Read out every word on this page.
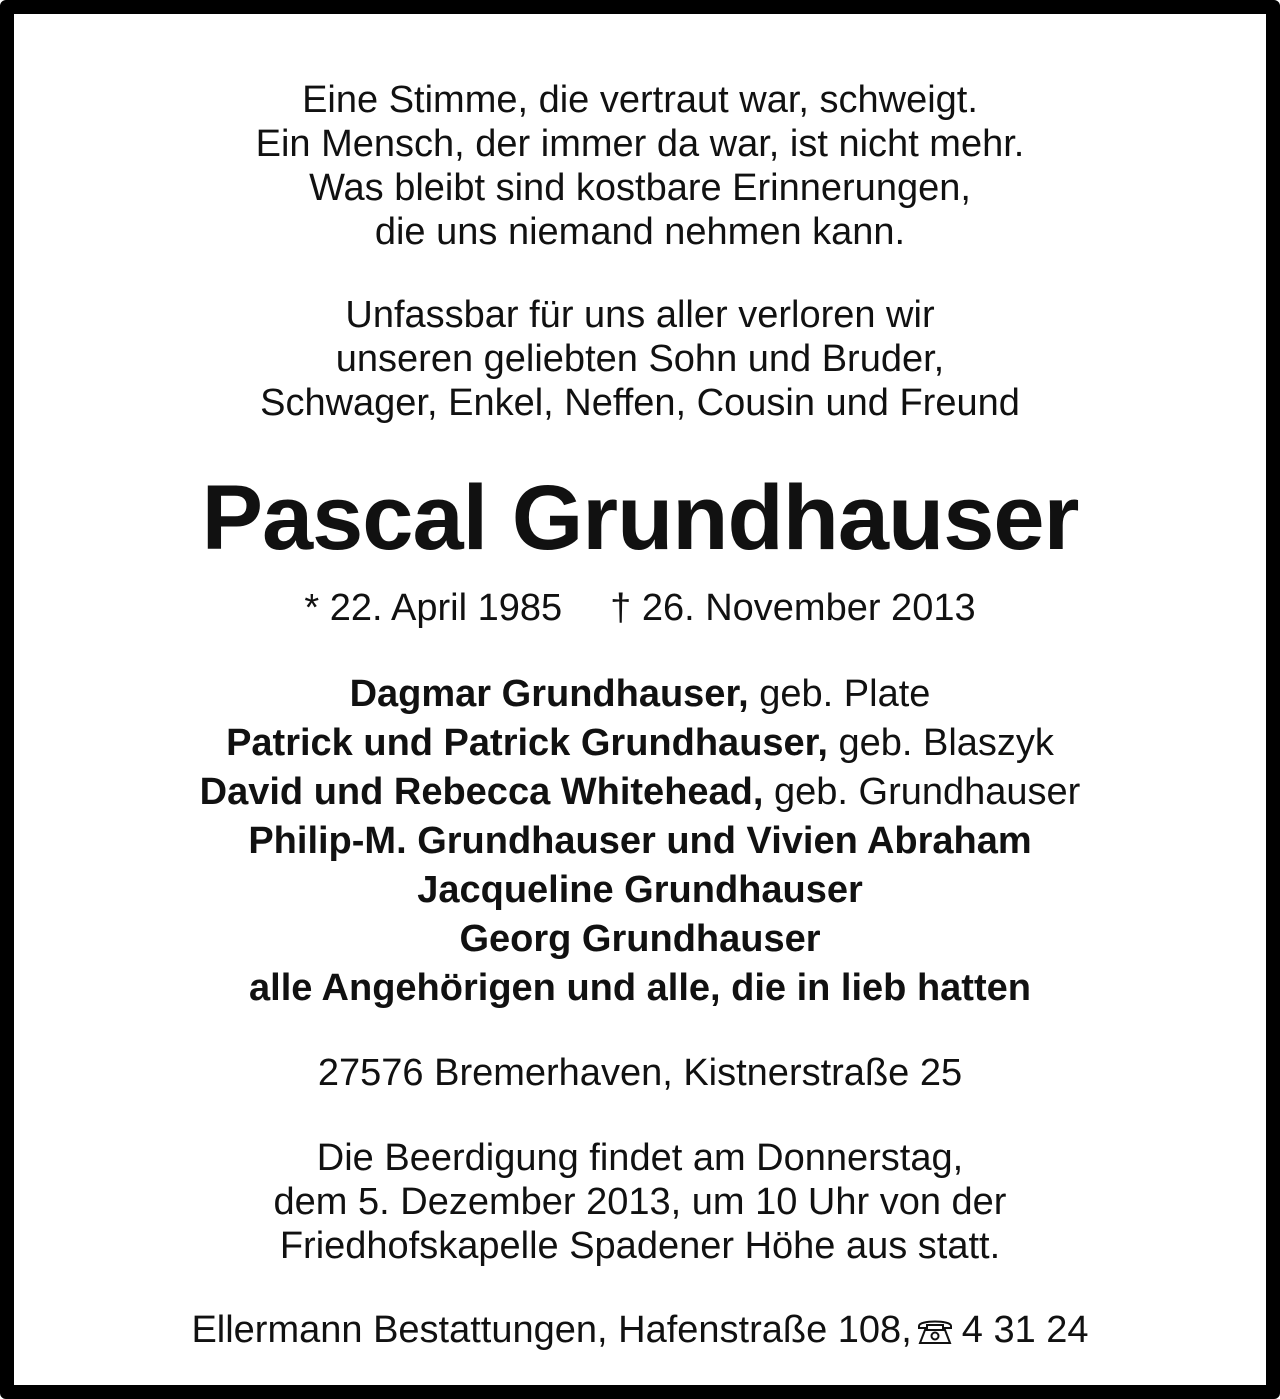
Eine Stimme, die vertraut war, schweigt.
Ein Mensch, der immer da war, ist nicht mehr.
Was bleibt sind kostbare Erinnerungen,
die uns niemand nehmen kann.
Unfassbar für uns aller verloren wir
unseren geliebten Sohn und Bruder,
Schwager, Enkel, Neffen, Cousin und Freund
Pascal Grundhauser
* 22. April 1985 † 26. November 2013
Dagmar Grundhauser, geb. Plate
Patrick und Patrick Grundhauser, geb. Blaszyk
David und Rebecca Whitehead, geb. Grundhauser
Philip-M. Grundhauser und Vivien Abraham
Jacqueline Grundhauser
Georg Grundhauser
alle Angehörigen und alle, die in lieb hatten
27576 Bremerhaven, Kistnerstraße 25
Die Beerdigung findet am Donnerstag,
dem 5. Dezember 2013, um 10 Uhr von der
Friedhofskapelle Spadener Höhe aus statt.
Ellermann Bestattungen, Hafenstraße 108, 4 31 24
